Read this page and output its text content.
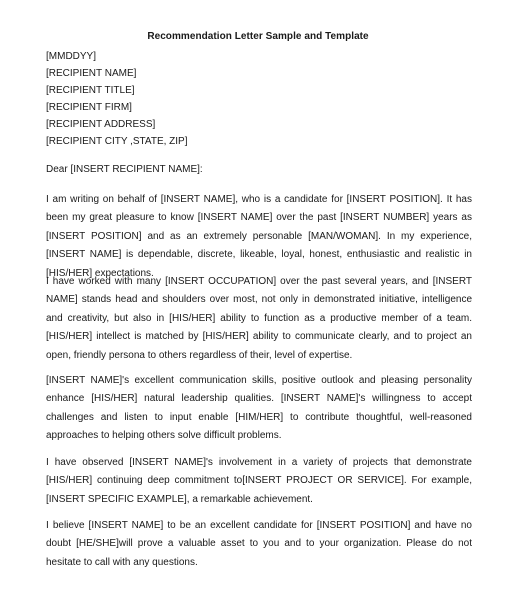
Recommendation Letter Sample and Template
[MMDDYY]
[RECIPIENT NAME]
[RECIPIENT TITLE]
[RECIPIENT FIRM]
[RECIPIENT ADDRESS]
[RECIPIENT CITY ,STATE, ZIP]
Dear [INSERT RECIPIENT NAME]:

I am writing on behalf of [INSERT NAME], who is a candidate for [INSERT POSITION]. It has been my great pleasure to know [INSERT NAME] over the past [INSERT NUMBER] years as [INSERT POSITION] and as an extremely personable [MAN/WOMAN]. In my experience, [INSERT NAME] is dependable, discrete, likeable, loyal, honest, enthusiastic and realistic in [HIS/HER] expectations.

I have worked with many [INSERT OCCUPATION] over the past several years, and [INSERT NAME] stands head and shoulders over most, not only in demonstrated initiative, intelligence and creativity, but also in [HIS/HER] ability to function as a productive member of a team. [HIS/HER] intellect is matched by [HIS/HER] ability to communicate clearly, and to project an open, friendly persona to others regardless of their, level of expertise.

[INSERT NAME]'s excellent communication skills, positive outlook and pleasing personality enhance [HIS/HER] natural leadership qualities. [INSERT NAME]'s willingness to accept challenges and listen to input enable [HIM/HER] to contribute thoughtful, well-reasoned approaches to helping others solve difficult problems.

I have observed [INSERT NAME]'s involvement in a variety of projects that demonstrate [HIS/HER] continuing deep commitment to[INSERT PROJECT OR SERVICE]. For example, [INSERT SPECIFIC EXAMPLE], a remarkable achievement.

I believe [INSERT NAME] to be an excellent candidate for [INSERT POSITION] and have no doubt [HE/SHE]will prove a valuable asset to you and to your organization. Please do not hesitate to call with any questions.
